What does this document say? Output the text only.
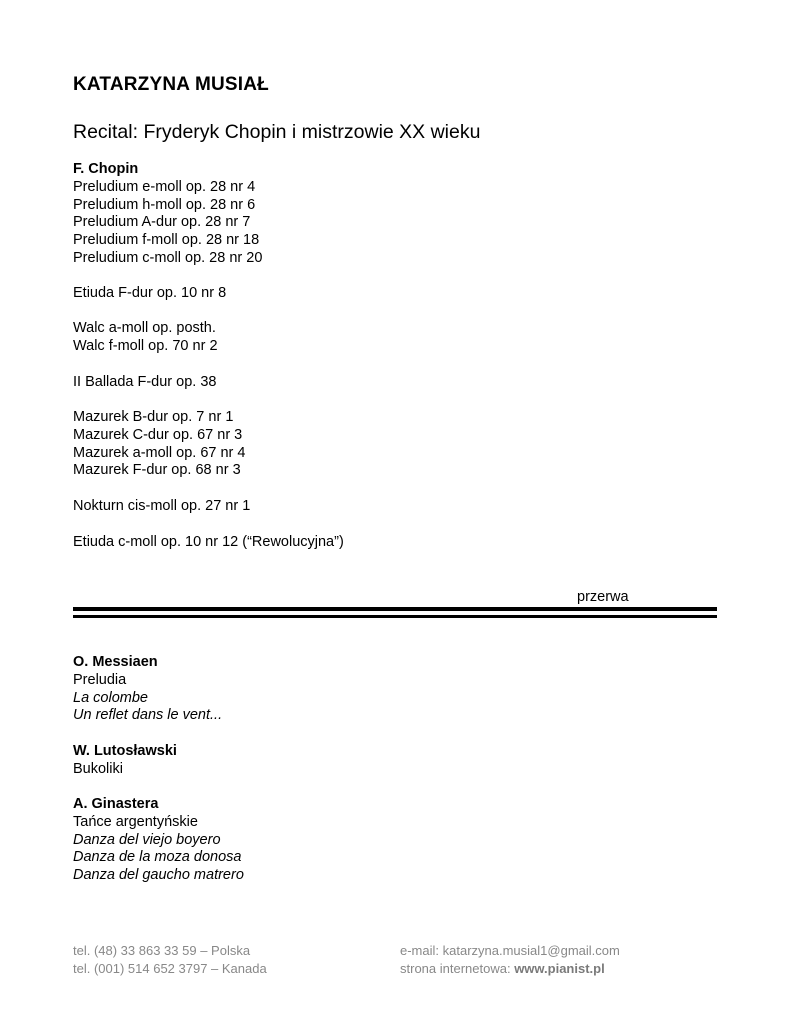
KATARZYNA MUSIAŁ
Recital: Fryderyk Chopin i mistrzowie XX wieku
F. Chopin
Preludium e-moll op. 28 nr 4
Preludium h-moll op. 28 nr 6
Preludium A-dur op. 28 nr 7
Preludium f-moll op. 28 nr 18
Preludium c-moll op. 28 nr 20
Etiuda F-dur op. 10 nr 8
Walc a-moll op. posth.
Walc f-moll op. 70 nr 2
II Ballada F-dur op. 38
Mazurek B-dur op. 7 nr 1
Mazurek C-dur op. 67 nr 3
Mazurek a-moll op. 67 nr 4
Mazurek F-dur op. 68 nr 3
Nokturn cis-moll op. 27 nr 1
Etiuda c-moll op. 10 nr 12 (“Rewolucyjna”)
przerwa
O. Messiaen
Preludia
La colombe
Un reflet dans le vent...
W. Lutosławski
Bukoliki
A. Ginastera
Tańce argentyńskie
Danza del viejo boyero
Danza de la moza donosa
Danza del gaucho matrero
tel. (48) 33 863 33 59 – Polska
tel. (001) 514 652 3797 – Kanada
e-mail: katarzyna.musial1@gmail.com
strona internetowa: www.pianist.pl
